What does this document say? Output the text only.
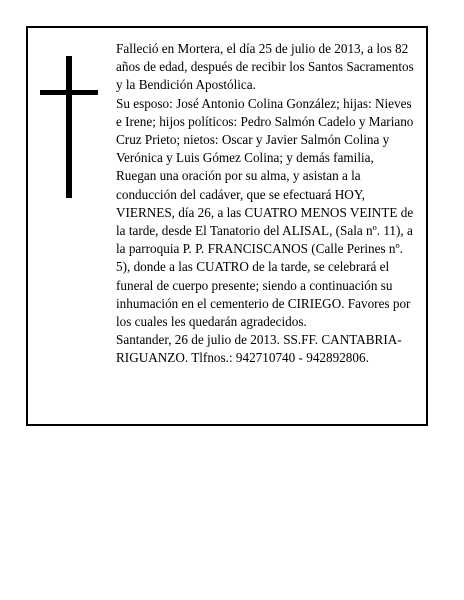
Falleció en Mortera, el día 25 de julio de 2013, a los 82 años de edad, después de recibir los Santos Sacramentos y la Bendición Apostólica.

Su esposo: José Antonio Colina González; hijas: Nieves e Irene; hijos políticos: Pedro Salmón Cadelo y Mariano Cruz Prieto; nietos: Oscar y Javier Salmón Colina y Verónica y Luis Gómez Colina; y demás familia,

Ruegan una oración por su alma, y asistan a la conducción del cadáver, que se efectuará HOY, VIERNES, día 26, a las CUATRO MENOS VEINTE de la tarde, desde El Tanatorio del ALISAL, (Sala nº. 11), a la parroquia P. P. FRANCISCANOS (Calle Perines nº. 5), donde a las CUATRO de la tarde, se celebrará el funeral de cuerpo presente; siendo a continuación su inhumación en el cementerio de CIRIEGO. Favores por los cuales les quedarán agradecidos.

Santander, 26 de julio de 2013. SS.FF. CANTABRIA-RIGUANZO. Tlfnos.: 942710740 - 942892806.
